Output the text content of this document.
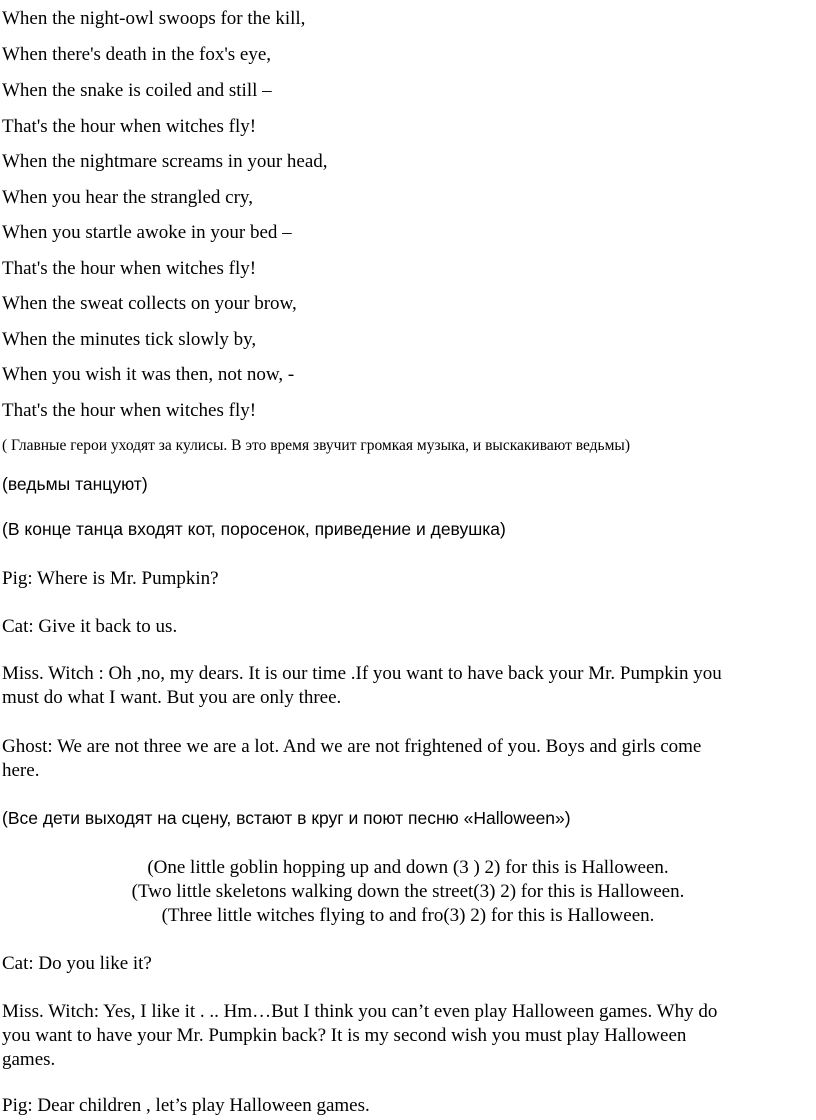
When the night-owl swoops for the kill,
When there's death in the fox's eye,
When the snake is coiled and still –
That's the hour when witches fly!
When the nightmare screams in your head,
When you hear the strangled cry,
When you startle awoke in your bed –
That's the hour when witches fly!
When the sweat collects on your brow,
When the minutes tick slowly by,
When you wish it was then, not now, -
That's the hour when witches fly!
( Главные герои уходят за кулисы. В это время звучит громкая музыка, и выскакивают ведьмы)
(ведьмы танцуют)
(В конце танца входят кот, поросенок, приведение и девушка)
Pig: Where is Mr. Pumpkin?
Cat: Give it back to us.
Miss. Witch : Oh ,no, my dears. It is our time .If you want to have back your Mr. Pumpkin you
must do what I want. But you are only three.
Ghost: We are not three we are a lot. And we are not frightened of you. Boys and girls come
here.
(Все дети выходят на сцену, встают в круг и поют песню «Halloween»)
(One little goblin hopping up and down (3 ) 2) for this is Halloween.
(Two little skeletons walking down the street(3) 2) for this is Halloween.
(Three little witches flying to and fro(3) 2) for this is Halloween.
Cat: Do you like it?
Miss. Witch: Yes, I like it . .. Hm…But I think you can’t even play Halloween games. Why do
you want to have your Mr. Pumpkin back? It is my second wish you must play Halloween
games.
Pig: Dear children , let’s play Halloween games.
